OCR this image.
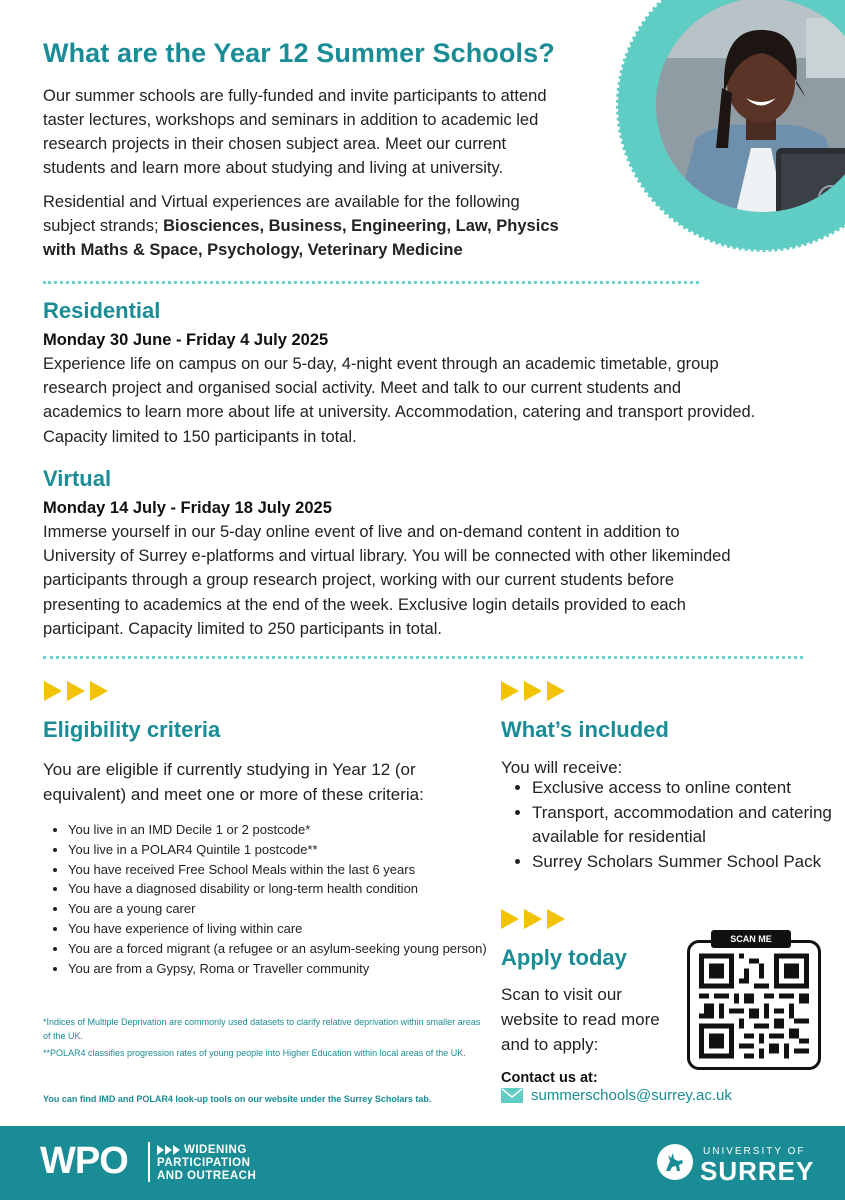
What are the Year 12 Summer Schools?
Our summer schools are fully-funded and invite participants to attend
taster lectures, workshops and seminars in addition to academic led
research projects in their chosen subject area. Meet our current
students and learn more about studying and living at university.
Residential and Virtual experiences are available for the following
subject strands; Biosciences, Business, Engineering, Law, Physics
with Maths & Space, Psychology, Veterinary Medicine
Residential
Monday 30 June - Friday 4 July 2025
Experience life on campus on our 5-day, 4-night event through an academic timetable, group
research project and organised social activity. Meet and talk to our current students and
academics to learn more about life at university. Accommodation, catering and transport provided.
Capacity limited to 150 participants in total.
Virtual
Monday 14 July - Friday 18 July 2025
Immerse yourself in our 5-day online event of live and on-demand content in addition to
University of Surrey e-platforms and virtual library. You will be connected with other likeminded
participants through a group research project, working with our current students before
presenting to academics at the end of the week. Exclusive login details provided to each
participant. Capacity limited to 250 participants in total.
Eligibility criteria
You are eligible if currently studying in Year 12 (or
equivalent) and meet one or more of these criteria:
• You live in an IMD Decile 1 or 2 postcode*
• You live in a POLAR4 Quintile 1 postcode**
• You have received Free School Meals within the last 6 years
• You have a diagnosed disability or long-term health condition
• You are a young carer
• You have experience of living within care
• You are a forced migrant (a refugee or an asylum-seeking young person)
• You are from a Gypsy, Roma or Traveller community

*Indices of Multiple Deprivation are commonly used datasets to clarify relative deprivation within smaller areas of the UK.

**POLAR4 classifies progression rates of young people into Higher Education within local areas of the UK.

You can find IMD and POLAR4 look-up tools on our website under the Surrey Scholars tab.

What’s included
You will receive:
• Exclusive access to online content
• Transport, accommodation and catering available for residential
• Surrey Scholars Summer School Pack
Apply today
Scan to visit our
website to read more
and to apply:
SCAN ME
Contact us at:
summerschools@surrey.ac.uk
WPO	WIDENING
PARTICIPATION
AND OUTREACH
UNIVERSITY OF
SURREY
